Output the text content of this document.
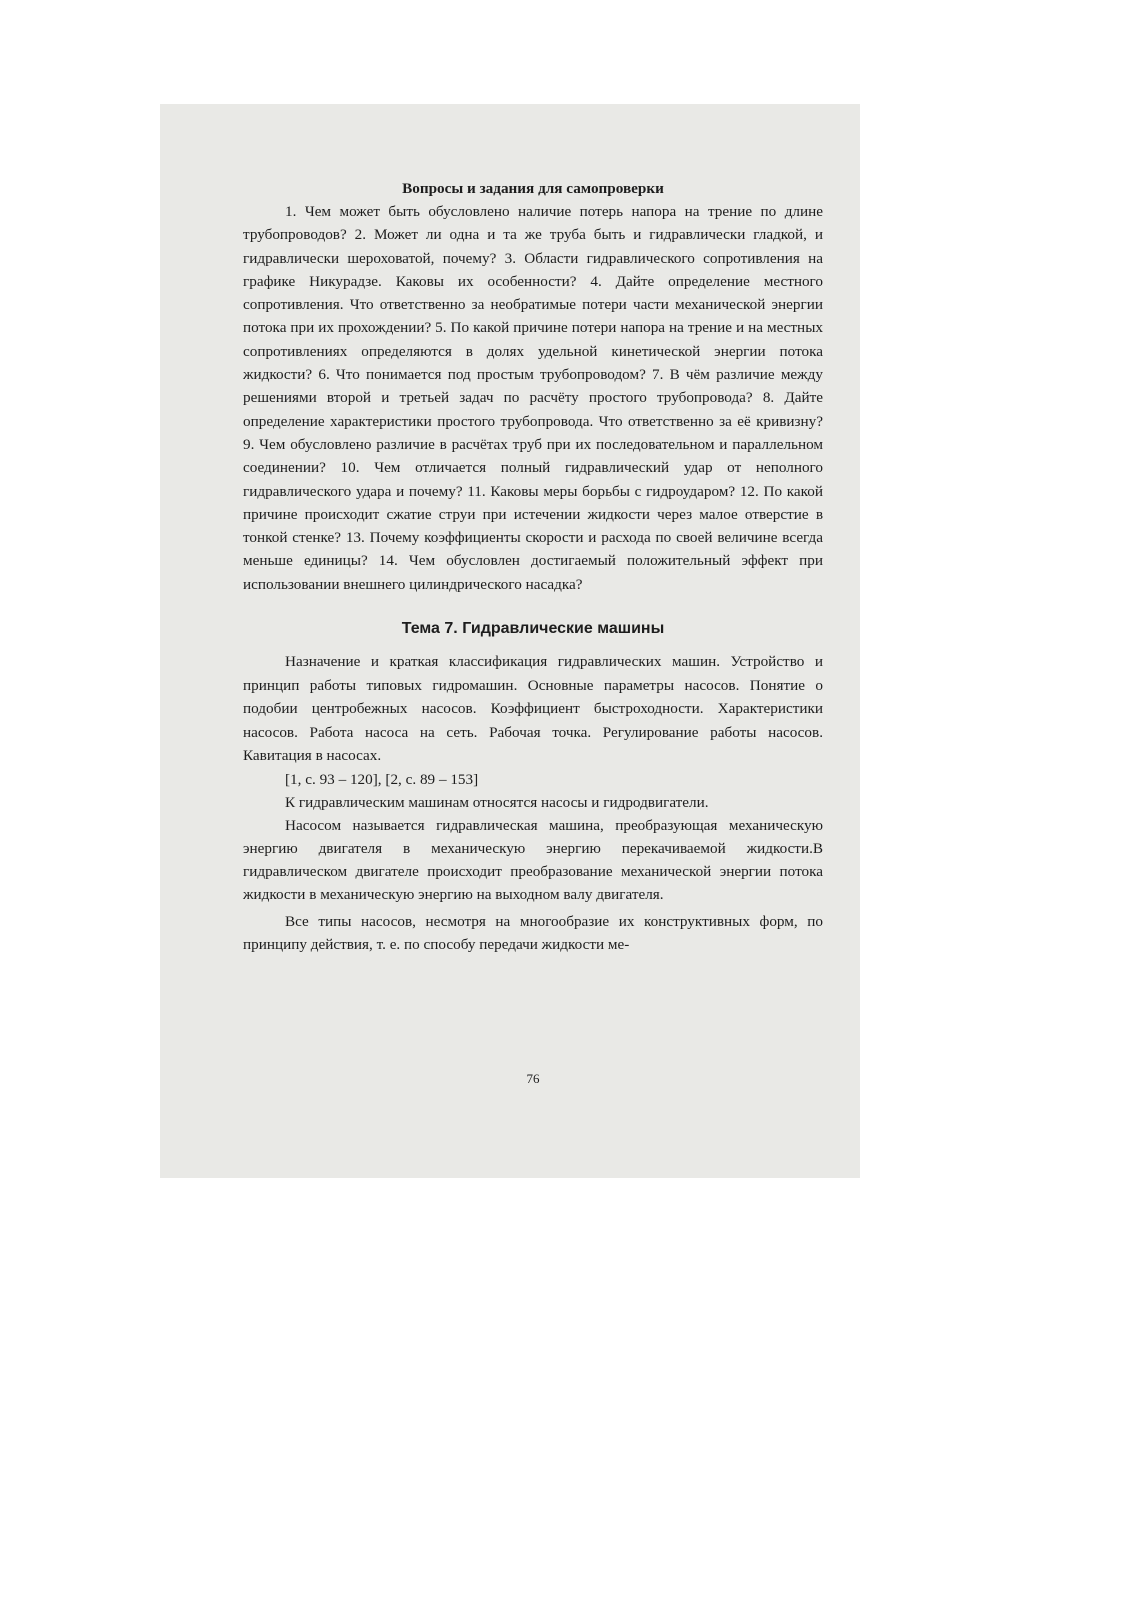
Вопросы и задания для самопроверки

1. Чем может быть обусловлено наличие потерь напора на трение по длине трубопроводов? 2. Может ли одна и та же труба быть и гидравлически гладкой, и гидравлически шероховатой, почему? 3. Области гидравлического сопротивления на графике Никурадзе. Каковы их особенности? 4. Дайте определение местного сопротивления. Что ответственно за необратимые потери части механической энергии потока при их прохождении? 5. По какой причине потери напора на трение и на местных сопротивлениях определяются в долях удельной кинетической энергии потока жидкости? 6. Что понимается под простым трубопроводом? 7. В чём различие между решениями второй и третьей задач по расчёту простого трубопровода? 8. Дайте определение характеристики простого трубопровода. Что ответственно за её кривизну? 9. Чем обусловлено различие в расчётах труб при их последовательном и параллельном соединении? 10. Чем отличается полный гидравлический удар от неполного гидравлического удара и почему? 11. Каковы меры борьбы с гидроударом? 12. По какой причине происходит сжатие струи при истечении жидкости через малое отверстие в тонкой стенке? 13. Почему коэффициенты скорости и расхода по своей величине всегда меньше единицы? 14. Чем обусловлен достигаемый положительный эффект при использовании внешнего цилиндрического насадка?

Тема 7. Гидравлические машины

Назначение и краткая классификация гидравлических машин. Устройство и принцип работы типовых гидромашин. Основные параметры насосов. Понятие о подобии центробежных насосов. Коэффициент быстроходности. Характеристики насосов. Работа насоса на сеть. Рабочая точка. Регулирование работы насосов. Кавитация в насосах.

[1, с. 93 – 120], [2, с. 89 – 153]

К гидравлическим машинам относятся насосы и гидродвигатели.

Насосом называется гидравлическая машина, преобразующая механическую энергию двигателя в механическую энергию перекачиваемой жидкости.В гидравлическом двигателе происходит преобразование механической энергии потока жидкости в механическую энергию на выходном валу двигателя.

Все типы насосов, несмотря на многообразие их конструктивных форм, по принципу действия, т. е. по способу передачи жидкости ме-

76
